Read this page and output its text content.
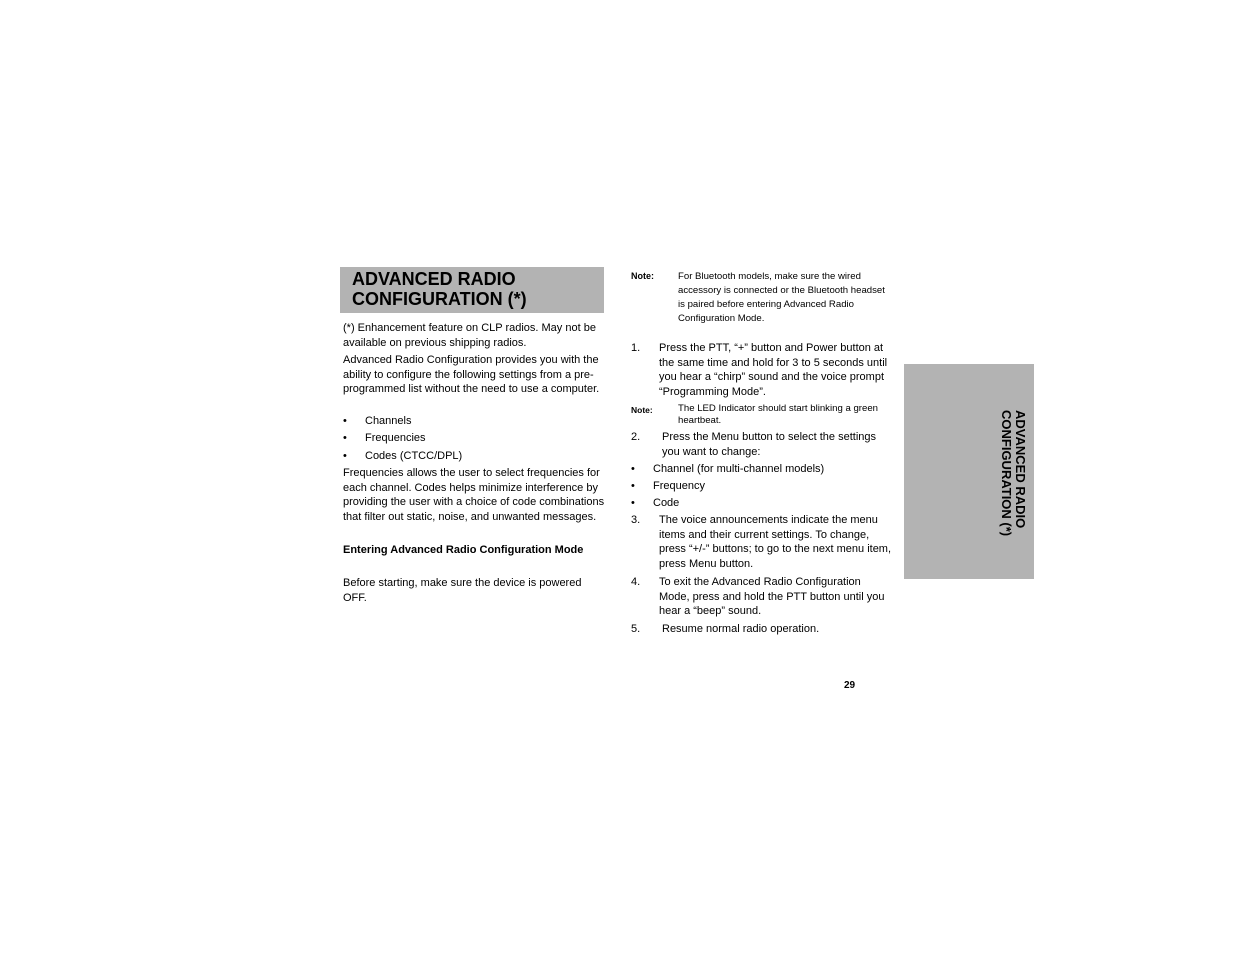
ADVANCED RADIO
CONFIGURATION (*)

(*) Enhancement feature on CLP radios. May not be available on previous shipping radios.

Advanced Radio Configuration provides you with the ability to configure the following settings from a pre-programmed list without the need to use a computer.

• Channels
• Frequencies
• Codes (CTCC/DPL)

Frequencies allows the user to select frequencies for each channel. Codes helps minimize interference by providing the user with a choice of code combinations that filter out static, noise, and unwanted messages.

Entering Advanced Radio Configuration Mode

Before starting, make sure the device is powered OFF.

Note:	For Bluetooth models, make sure the wired accessory is connected or the Bluetooth headset is paired before entering Advanced Radio Configuration Mode.

1. Press the PTT, “+” button and Power button at the same time and hold for 3 to 5 seconds until you hear a “chirp” sound and the voice prompt “Programming Mode”.

Note:	The LED Indicator should start blinking a green heartbeat.

2. Press the Menu button to select the settings you want to change:

• Channel (for multi-channel models)
• Frequency
• Code
3. The voice announcements indicate the menu items and their current settings. To change, press “+/-” buttons; to go to the next menu item, press Menu button.

4. To exit the Advanced Radio Configuration Mode, press and hold the PTT button until you hear a “beep” sound.

5. Resume normal radio operation.

ADVANCED RADIO
CONFIGURATION (*)
29
